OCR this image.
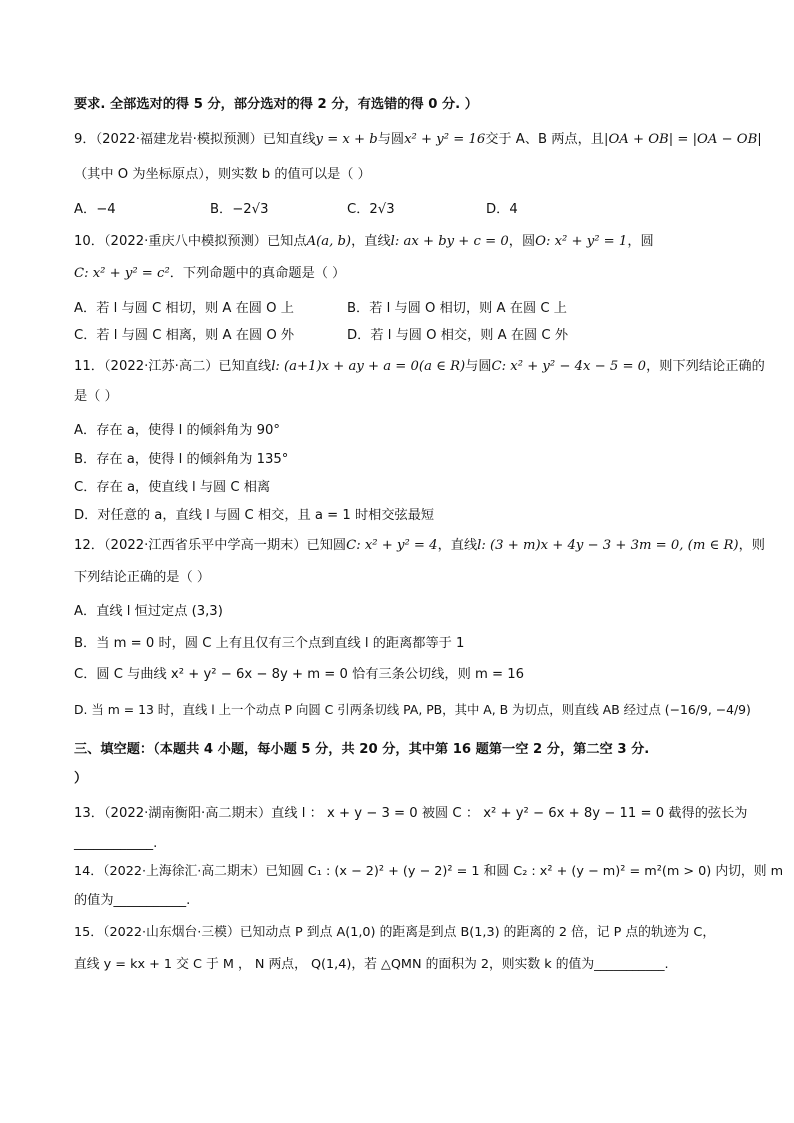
要求. 全部选对的得 5 分，部分选对的得 2 分，有选错的得 0 分. ）
9．（2022·福建龙岩·模拟预测）已知直线y = x + b与圆x² + y² = 16交于 A、B 两点，且|OA + OB| = |OA − OB|
（其中 O 为坐标原点），则实数 b 的值可以是（ ）
A．−4	B．−2√3	C．2√3	D．4
10．（2022·重庆八中模拟预测）已知点A(a, b)，直线l: ax + by + c = 0，圆O: x² + y² = 1，圆
C: x² + y² = c²．下列命题中的真命题是（ ）
A．若 l 与圆 C 相切，则 A 在圆 O 上	B．若 l 与圆 O 相切，则 A 在圆 C 上
C．若 l 与圆 C 相离，则 A 在圆 O 外	D．若 l 与圆 O 相交，则 A 在圆 C 外
11．（2022·江苏·高二）已知直线l: (a+1)x + ay + a = 0(a ∈ R)与圆C: x² + y² − 4x − 5 = 0，则下列结论正确的
是（ ）
A．存在 a，使得 l 的倾斜角为 90°
B．存在 a，使得 l 的倾斜角为 135°
C．存在 a，使直线 l 与圆 C 相离
D．对任意的 a，直线 l 与圆 C 相交，且 a = 1 时相交弦最短
12．（2022·江西省乐平中学高一期末）已知圆C: x² + y² = 4，直线l: (3 + m)x + 4y − 3 + 3m = 0, (m ∈ R)，则
下列结论正确的是（ ）
A．直线 l 恒过定点 (3,3)
B．当 m = 0 时，圆 C 上有且仅有三个点到直线 l 的距离都等于 1
C．圆 C 与曲线 x² + y² − 6x − 8y + m = 0 恰有三条公切线，则 m = 16
D. 当 m = 13 时，直线 l 上一个动点 P 向圆 C 引两条切线 PA, PB，其中 A, B 为切点，则直线 AB 经过点 (−16/9, −4/9)
三、填空题：（本题共 4 小题，每小题 5 分，共 20 分，其中第 16 题第一空 2 分，第二空 3 分.
）
13．（2022·湖南衡阳·高二期末）直线 l ： x + y − 3 = 0 被圆 C ： x² + y² − 6x + 8y − 11 = 0 截得的弦长为
____________.
14．（2022·上海徐汇·高二期末）已知圆 C₁ : (x − 2)² + (y − 2)² = 1 和圆 C₂ : x² + (y − m)² = m²(m > 0) 内切，则 m
的值为___________.
15．（2022·山东烟台·三模）已知动点 P 到点 A(1,0) 的距离是到点 B(1,3) 的距离的 2 倍，记 P 点的轨迹为 C，
直线 y = kx + 1 交 C 于 M ， N 两点， Q(1,4)，若 △QMN 的面积为 2，则实数 k 的值为___________.
